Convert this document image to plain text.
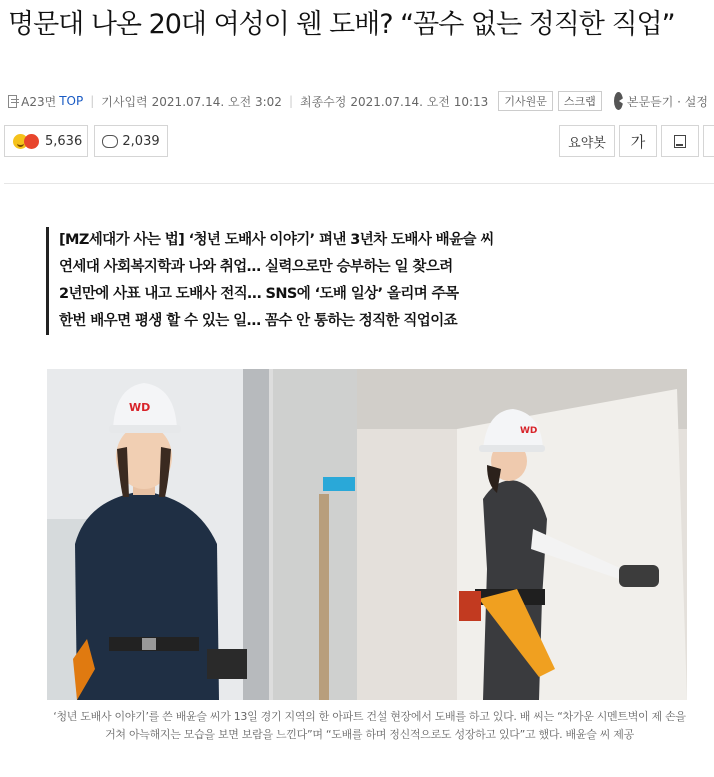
명문대 나온 20대 여성이 웬 도배? “꼼수 없는 정직한 직업”
A23면 TOP | 기사입력 2021.07.14. 오전 3:02 | 최종수정 2021.07.14. 오전 10:13	기사원문	스크랩	본문듣기 · 설정
5,636	2,039	요약봇	가
[MZ세대가 사는 법] ‘청년 도배사 이야기’ 펴낸 3년차 도배사 배윤슬 씨
연세대 사회복지학과 나와 취업… 실력으로만 승부하는 일 찾으려
2년만에 사표 내고 도배사 전직… SNS에 ‘도배 일상’ 올리며 주목
한번 배우면 평생 할 수 있는 일… 꼼수 안 통하는 정직한 직업이죠
WD
WD
‘청년 도배사 이야기’를 쓴 배윤슬 씨가 13일 경기 지역의 한 아파트 건설 현장에서 도배를 하고 있다. 배 씨는 “차가운 시멘트벽이 제 손을 거쳐 아늑해지는 모습을 보면 보람을 느낀다”며 “도배를 하며 정신적으로도 성장하고 있다”고 했다. 배윤슬 씨 제공
